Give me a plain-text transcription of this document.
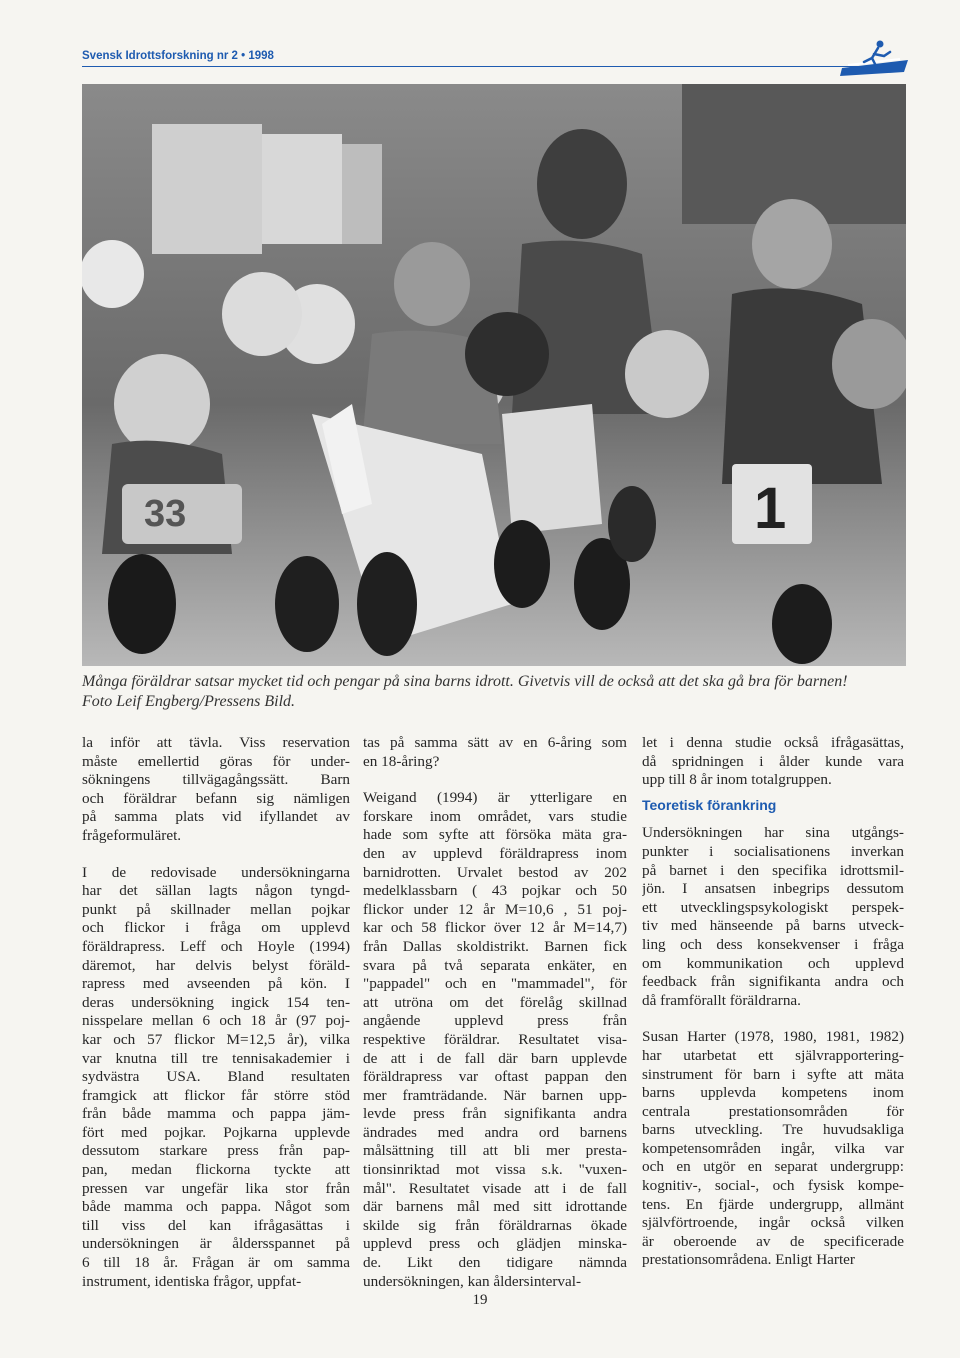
Svensk Idrottsforskning nr 2 • 1998
33	1
Många föräldrar satsar mycket tid och pengar på sina barns idrott. Givetvis vill de också att det ska gå bra för barnen!
Foto Leif Engberg/Pressens Bild.
la inför att tävla. Viss reservation
måste emellertid göras för under-
sökningens tillvägagångssätt. Barn
och föräldrar befann sig nämligen
på samma plats vid ifyllandet av
frågeformuläret.
I de redovisade undersökningarna
har det sällan lagts någon tyngd-
punkt på skillnader mellan pojkar
och flickor i fråga om upplevd
föräldrapress. Leff och Hoyle (1994)
däremot, har delvis belyst föräld-
rapress med avseenden på kön. I
deras undersökning ingick 154 ten-
nisspelare mellan 6 och 18 år (97 poj-
kar och 57 flickor M=12,5 år), vilka
var knutna till tre tennisakademier i
sydvästra USA. Bland resultaten
framgick att flickor får större stöd
från både mamma och pappa jäm-
fört med pojkar. Pojkarna upplevde
dessutom starkare press från pap-
pan, medan flickorna tyckte att
pressen var ungefär lika stor från
både mamma och pappa. Något som
till viss del kan ifrågasättas i
undersökningen är åldersspannet på
6 till 18 år. Frågan är om samma
instrument, identiska frågor, uppfat-
tas på samma sätt av en 6-åring som
en 18-åring?
Weigand (1994) är ytterligare en
forskare inom området, vars studie
hade som syfte att försöka mäta gra-
den av upplevd föräldrapress inom
barnidrotten. Urvalet bestod av 202
medelklassbarn ( 43 pojkar och 50
flickor under 12 år M=10,6 , 51 poj-
kar och 58 flickor över 12 år M=14,7)
från Dallas skoldistrikt. Barnen fick
svara på två separata enkäter, en
"pappadel" och en "mammadel", för
att utröna om det förelåg skillnad
angående upplevd press från
respektive föräldrar. Resultatet visa-
de att i de fall där barn upplevde
föräldrapress var oftast pappan den
mer framträdande. När barnen upp-
levde press från signifikanta andra
ändrades med andra ord barnens
målsättning till att bli mer presta-
tionsinriktad mot vissa s.k. "vuxen-
mål". Resultatet visade att i de fall
där barnens mål med sitt idrottande
skilde sig från föräldrarnas ökade
upplevd press och glädjen minska-
de. Likt den tidigare nämnda
undersökningen, kan åldersinterval-
let i denna studie också ifrågasättas,
då spridningen i ålder kunde vara
upp till 8 år inom totalgruppen.
Teoretisk förankring
Undersökningen har sina utgångs-
punkter i socialisationens inverkan
på barnet i den specifika idrottsmil-
jön. I ansatsen inbegrips dessutom
ett utvecklingspsykologiskt perspek-
tiv med hänseende på barns utveck-
ling och dess konsekvenser i fråga
om kommunikation och upplevd
feedback från signifikanta andra och
då framförallt föräldrarna.
Susan Harter (1978, 1980, 1981, 1982)
har utarbetat ett självrapportering-
sinstrument för barn i syfte att mäta
barns upplevda kompetens inom
centrala prestationsområden för
barns utveckling. Tre huvudsakliga
kompetensområden ingår, vilka var
och en utgör en separat undergrupp:
kognitiv-, social-, och fysisk kompe-
tens. En fjärde undergrupp, allmänt
självförtroende, ingår också vilken
är oberoende av de specificerade
prestationsområdena. Enligt Harter
19
